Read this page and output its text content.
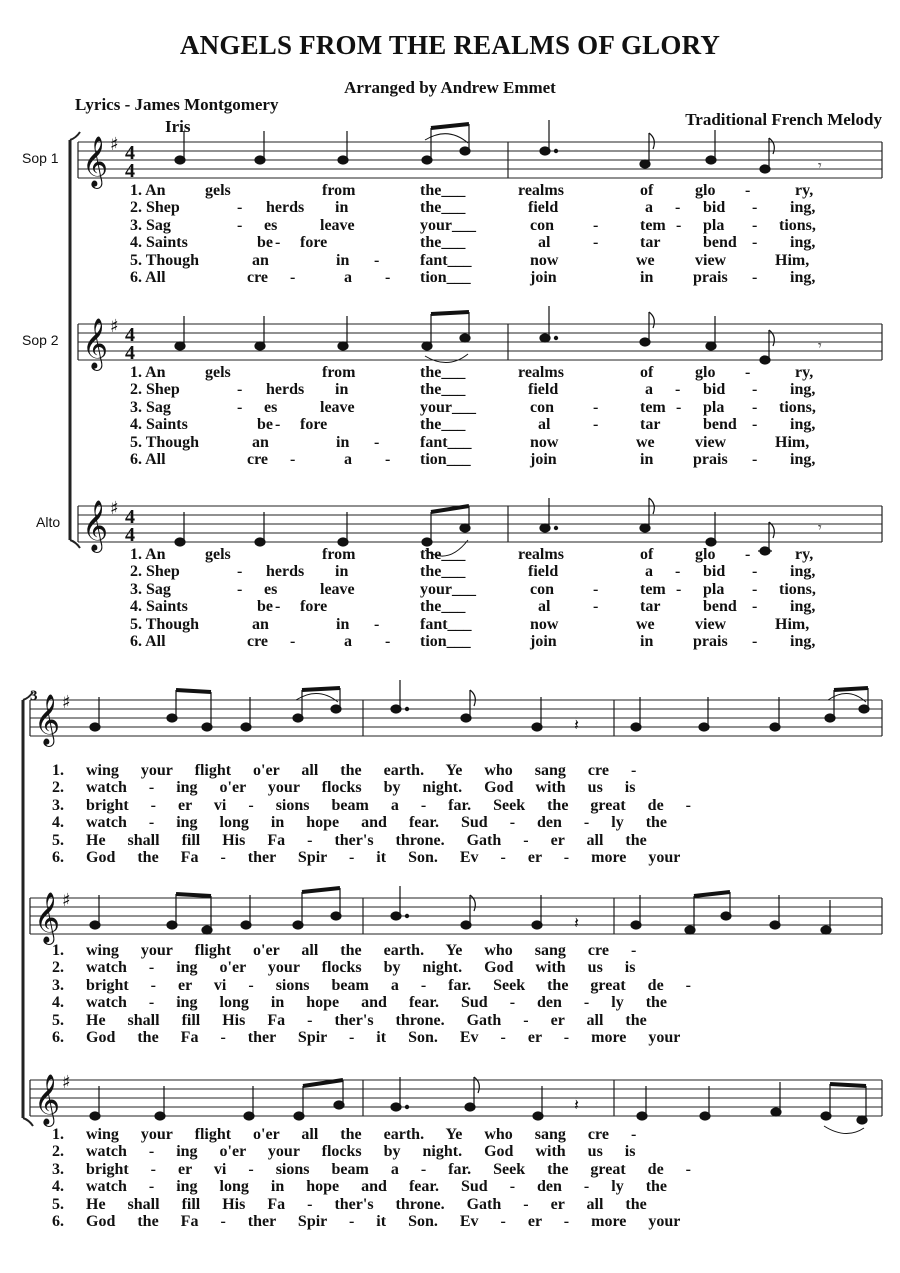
ANGELS FROM THE REALMS OF GLORY
Arranged by Andrew Emmet
Lyrics - James Montgomery
Iris	Traditional French Melody
Sop 1
Sop 2
Alto
3
𝄞
𝄞
𝄞
𝄞
𝄞
𝄞
♯
♯
♯
♯
♯
♯
4
4
4
4
4
4
𝄾
𝄾
𝄾
𝄽
𝄽
𝄽
1. An gels	from	the___	realms	of	glo -	ry,
2. Shep	- herds in	the___	field	a - bid - ing,
3. Sag	- es	leave	your___	con -	tem - pla - tions,
4. Saints	be - fore	the___	al	-	tar	bend - ing,
5. Though	an	in -	fant___	now	we	view	Him,
6. All	cre -	a - tion___	join	in prais - ing,
1. An gels	from	the___	realms	of	glo -	ry,
2. Shep	- herds in	the___	field	a - bid - ing,
3. Sag	- es	leave	your___	con -	tem - pla - tions,
4. Saints	be - fore	the___	al	-	tar	bend - ing,
5. Though	an	in -	fant___	now	we	view	Him,
6. All	cre -	a - tion___	join	in prais - ing,
1. An gels	from	the___	realms	of	glo -	ry,
2. Shep	- herds in	the___	field	a - bid - ing,
3. Sag	- es	leave	your___	con -	tem - pla - tions,
4. Saints	be - fore	the___	al	-	tar	bend - ing,
5. Though	an	in -	fant___	now	we	view	Him,
6. All	cre -	a - tion___	join	in prais - ing,
1. wing your flight o'er all the earth. Ye who sang cre -
2. watch - ing o'er your flocks by night. God with us is
3. bright - er vi - sions beam a - far. Seek the great de -
4. watch - ing long in hope and fear. Sud - den - ly the
5. He shall fill His Fa - ther's throne. Gath - er all the
6. God the Fa - ther Spir - it Son. Ev - er - more your
1. wing your flight o'er all the earth. Ye who sang cre -
2. watch - ing o'er your flocks by night. God with us is
3. bright - er vi - sions beam a - far. Seek the great de -
4. watch - ing long in hope and fear. Sud - den - ly the
5. He shall fill His Fa - ther's throne. Gath - er all the
6. God the Fa - ther Spir - it Son. Ev - er - more your
1. wing your flight o'er all the earth. Ye who sang cre -
2. watch - ing o'er your flocks by night. God with us is
3. bright - er vi - sions beam a - far. Seek the great de -
4. watch - ing long in hope and fear. Sud - den - ly the
5. He shall fill His Fa - ther's throne. Gath - er all the
6. God the Fa - ther Spir - it Son. Ev - er - more your
